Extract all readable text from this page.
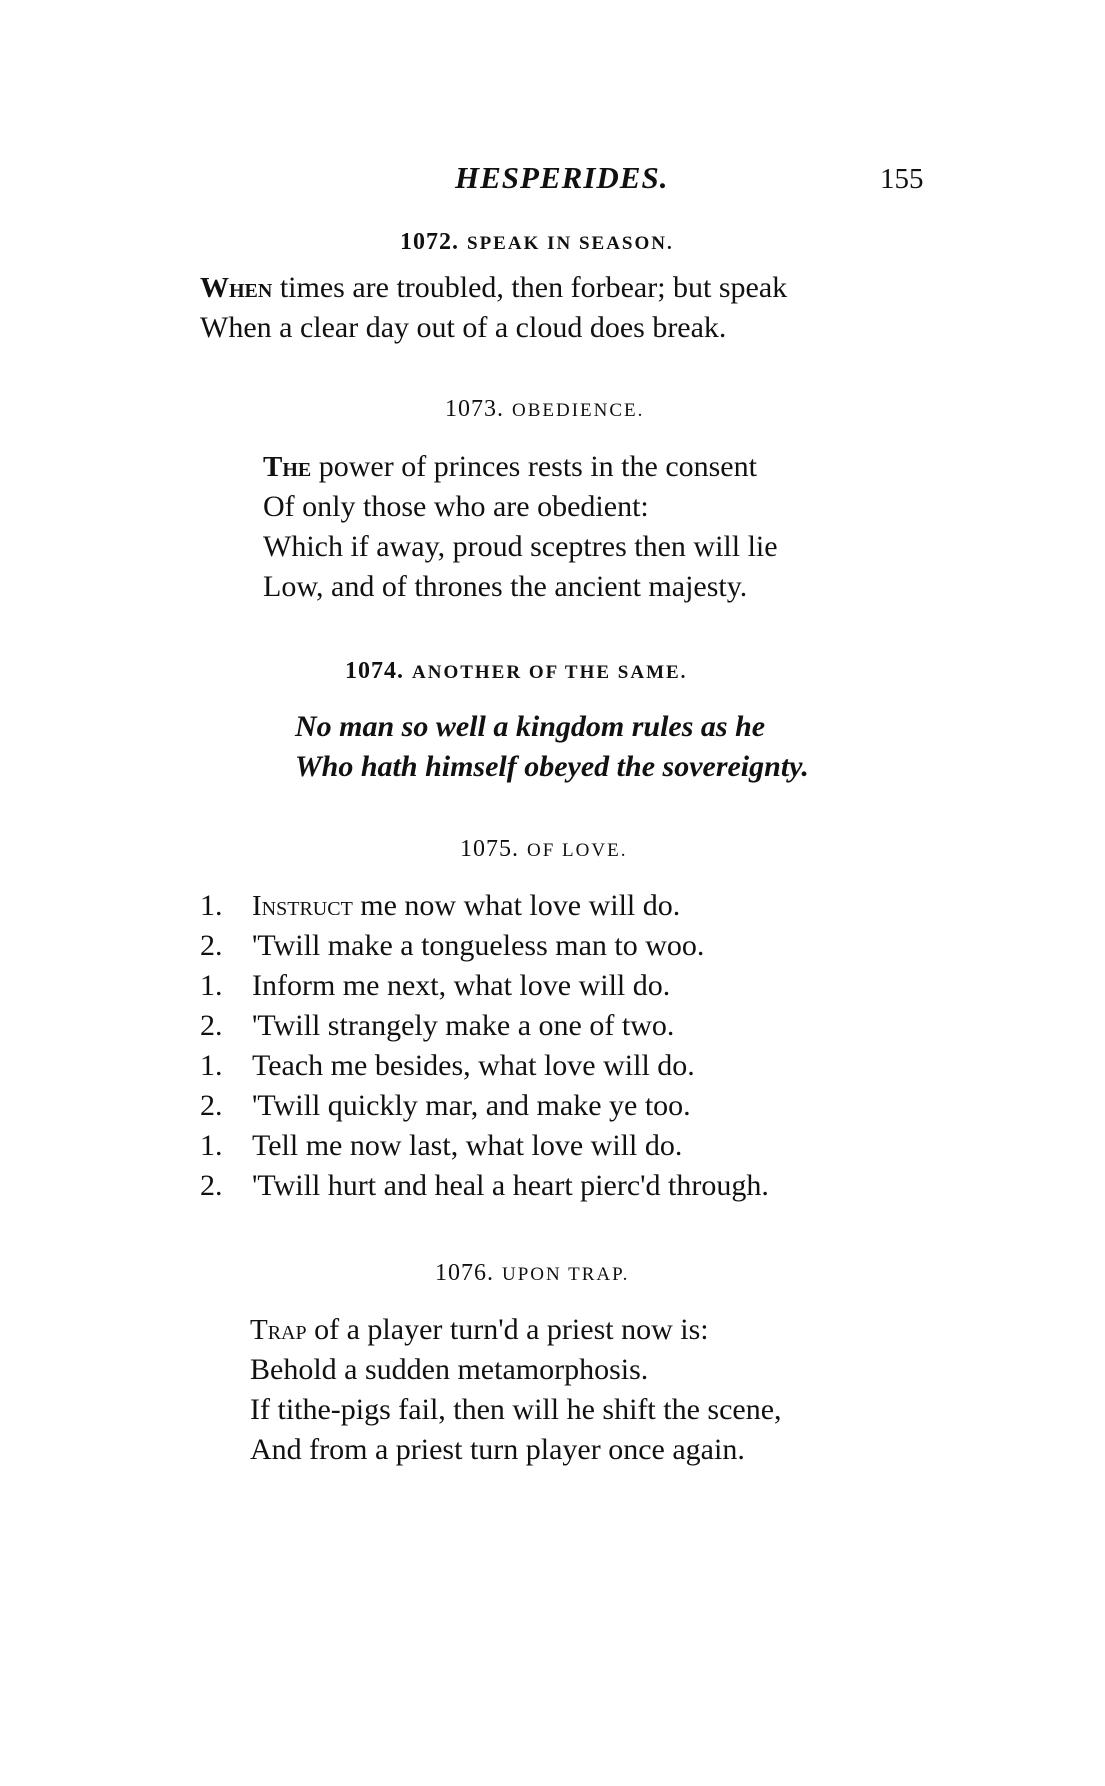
HESPERIDES.	155
1072. SPEAK IN SEASON.
When times are troubled, then forbear; but speak
When a clear day out of a cloud does break.
1073. OBEDIENCE.
The power of princes rests in the consent
Of only those who are obedient:
Which if away, proud sceptres then will lie
Low, and of thrones the ancient majesty.
1074. ANOTHER OF THE SAME.
No man so well a kingdom rules as he
Who hath himself obeyed the sovereignty.
1075. OF LOVE.
1.	Instruct me now what love will do.
2. 'Twill make a tongueless man to woo.
1. Inform me next, what love will do.
2. 'Twill strangely make a one of two.
1. Teach me besides, what love will do.
2. 'Twill quickly mar, and make ye too.
1. Tell me now last, what love will do.
2. 'Twill hurt and heal a heart pierc'd through.
1076. UPON TRAP.
Trap of a player turn'd a priest now is:
Behold a sudden metamorphosis.
If tithe-pigs fail, then will he shift the scene,
And from a priest turn player once again.
